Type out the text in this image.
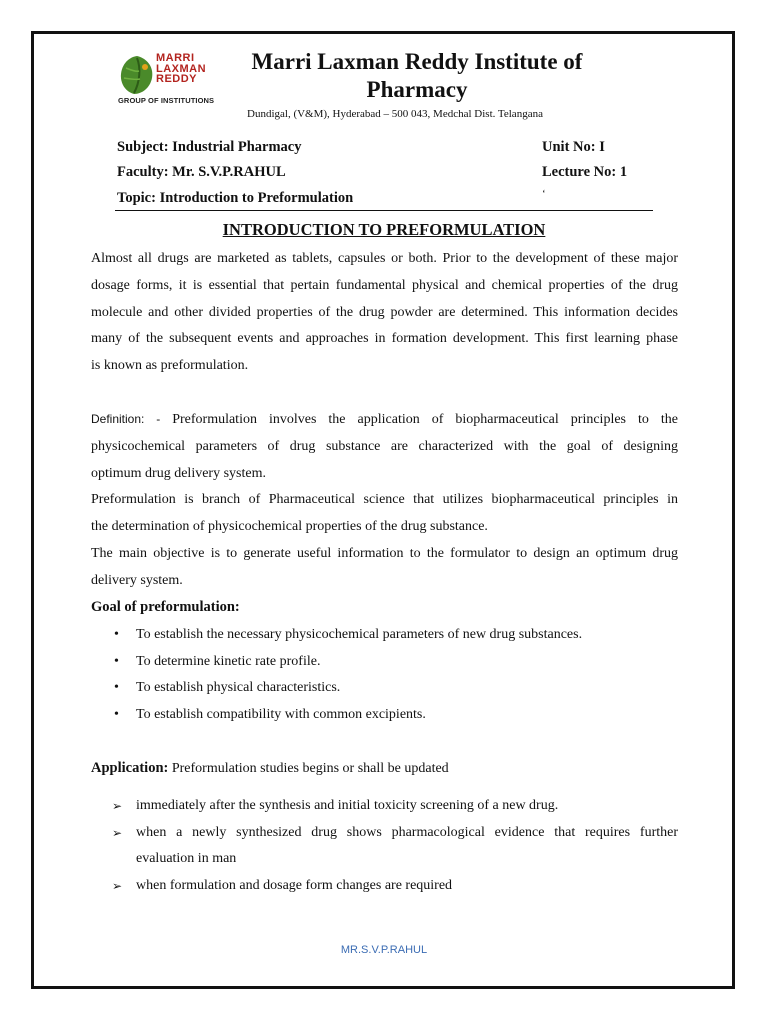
MARRI
LAXMAN
REDDY
GROUP OF INSTITUTIONS
Marri Laxman Reddy Institute of
Pharmacy
Dundigal, (V&M), Hyderabad – 500 043, Medchal Dist. Telangana
Subject: Industrial Pharmacy	Unit No: I
Faculty: Mr. S.V.P.RAHUL	Lecture No: 1
Topic: Introduction to Preformulation	‘
INTRODUCTION TO PREFORMULATION
Almost all drugs are marketed as tablets, capsules or both. Prior to the development of these major
dosage forms, it is essential that pertain fundamental physical and chemical properties of the drug
molecule and other divided properties of the drug powder are determined. This information decides
many of the subsequent events and approaches in formation development. This first learning phase
is known as preformulation.
Definition: - Preformulation involves the application of biopharmaceutical principles to the
physicochemical parameters of drug substance are characterized with the goal of designing
optimum drug delivery system.
Preformulation is branch of Pharmaceutical science that utilizes biopharmaceutical principles in
the determination of physicochemical properties of the drug substance.
The main objective is to generate useful information to the formulator to design an optimum drug
delivery system.
Goal of preformulation:
• To establish the necessary physicochemical parameters of new drug substances.
• To determine kinetic rate profile.
• To establish physical characteristics.
• To establish compatibility with common excipients.
Application: Preformulation studies begins or shall be updated
➢ immediately after the synthesis and initial toxicity screening of a new drug.
➢ when a newly synthesized drug shows pharmacological evidence that requires further
evaluation in man
➢ when formulation and dosage form changes are required
MR.S.V.P.RAHUL
